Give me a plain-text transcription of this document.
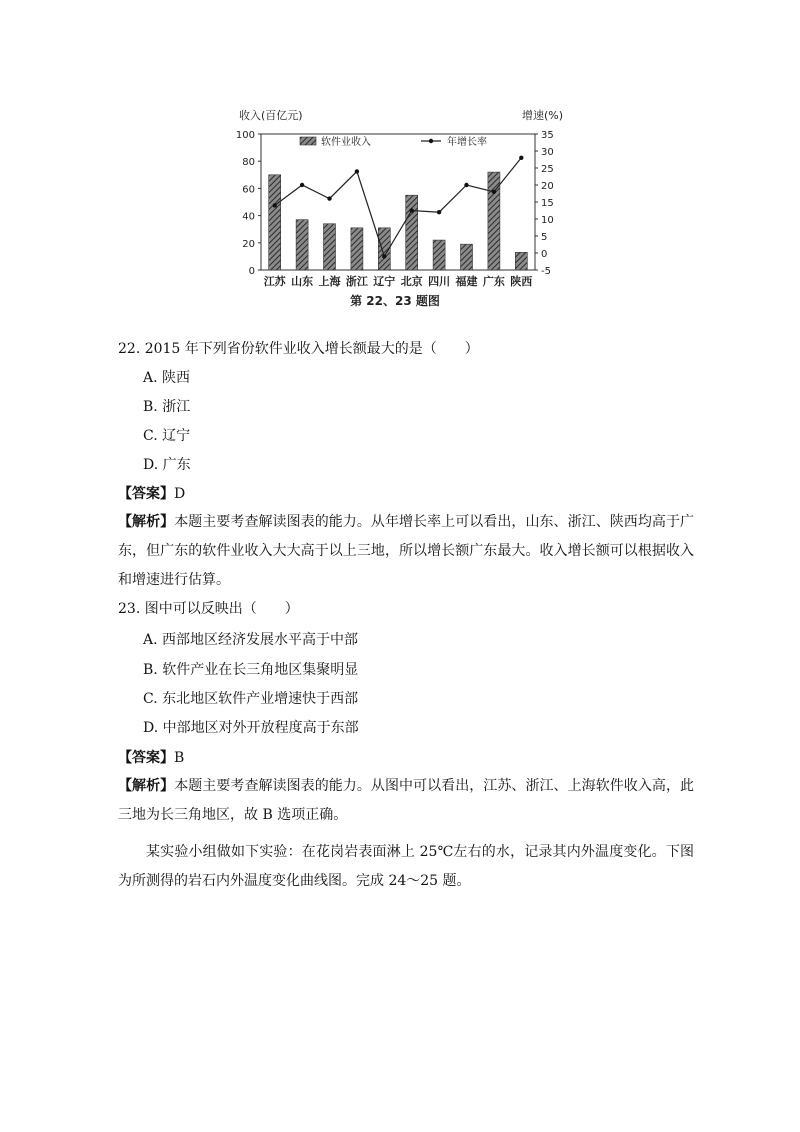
收入(百亿元)	增速(%)
0
20
40
60
80
100
-5
0
5
10
15
20
25
30
35
江苏 山东 上海 浙江 辽宁 北京 四川 福建 广东 陕西
软件业收入	年增长率
第 22、23 题图
22. 2015 年下列省份软件业收入增长额最大的是（　　）
A. 陕西
B. 浙江
C. 辽宁
D. 广东
【答案】D
【解析】本题主要考查解读图表的能力。从年增长率上可以看出，山东、浙江、陕西均高于广东，但广东的软件业收入大大高于以上三地，所以增长额广东最大。收入增长额可以根据收入和增速进行估算。
23. 图中可以反映出（　　）
A. 西部地区经济发展水平高于中部
B. 软件产业在长三角地区集聚明显
C. 东北地区软件产业增速快于西部
D. 中部地区对外开放程度高于东部
【答案】B
【解析】本题主要考查解读图表的能力。从图中可以看出，江苏、浙江、上海软件收入高，此三地为长三角地区，故 B 选项正确。
某实验小组做如下实验：在花岗岩表面淋上 25℃左右的水，记录其内外温度变化。下图为所测得的岩石内外温度变化曲线图。完成 24～25 题。
